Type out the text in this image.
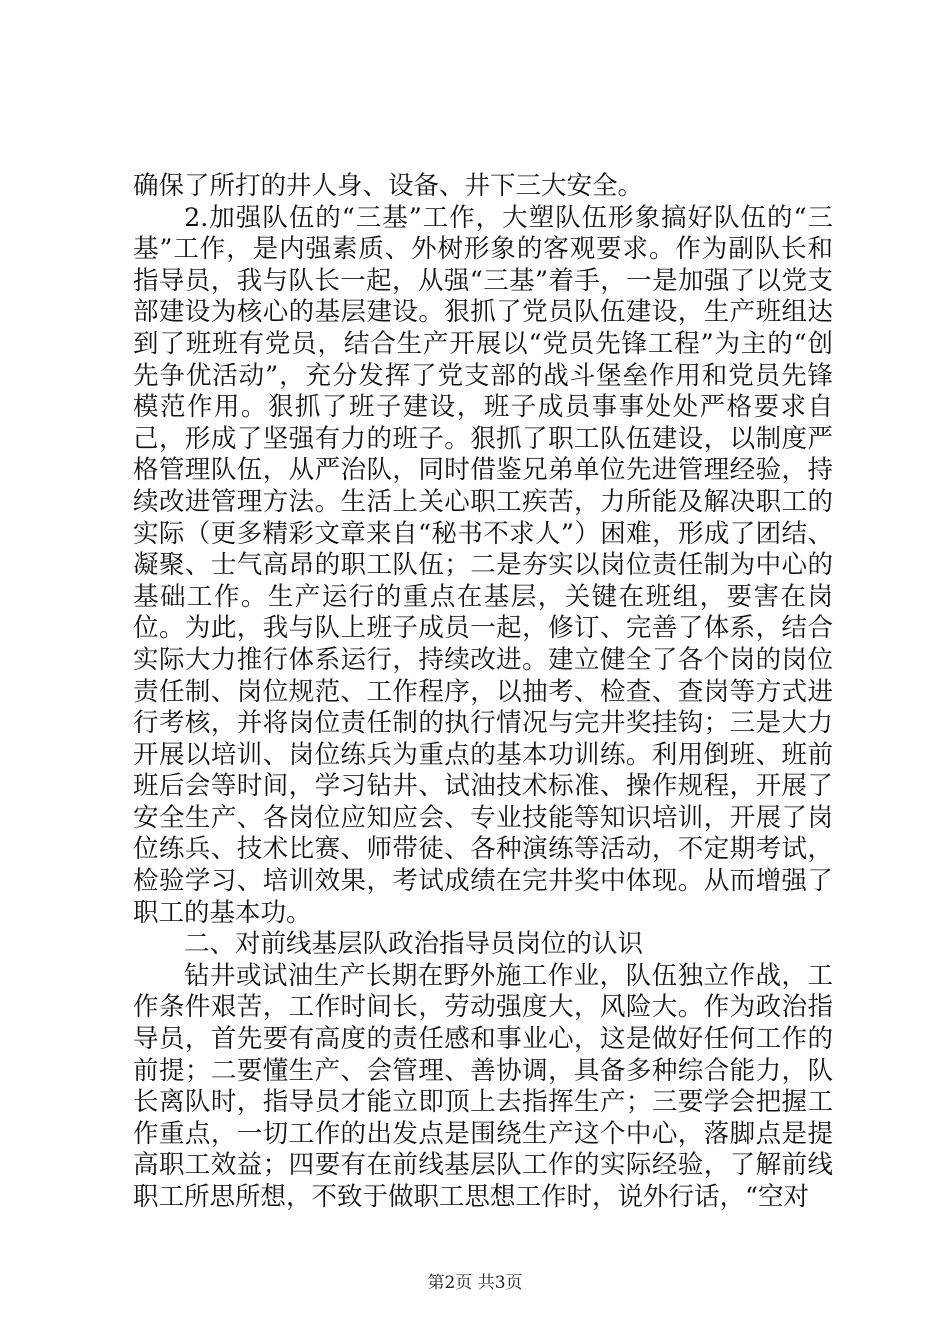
确保了所打的井人身、设备、井下三大安全。

2.加强队伍的“三基”工作，大塑队伍形象搞好队伍的“三基”工作，是内强素质、外树形象的客观要求。作为副队长和指导员，我与队长一起，从强“三基”着手，一是加强了以党支部建设为核心的基层建设。狠抓了党员队伍建设，生产班组达到了班班有党员，结合生产开展以“党员先锋工程”为主的“创先争优活动”，充分发挥了党支部的战斗堡垒作用和党员先锋模范作用。狠抓了班子建设，班子成员事事处处严格要求自己，形成了坚强有力的班子。狠抓了职工队伍建设，以制度严格管理队伍，从严治队，同时借鉴兄弟单位先进管理经验，持续改进管理方法。生活上关心职工疾苦，力所能及解决职工的实际（更多精彩文章来自“秘书不求人”）困难，形成了团结、凝聚、士气高昂的职工队伍；二是夯实以岗位责任制为中心的基础工作。生产运行的重点在基层，关键在班组，要害在岗位。为此，我与队上班子成员一起，修订、完善了体系，结合实际大力推行体系运行，持续改进。建立健全了各个岗的岗位责任制、岗位规范、工作程序，以抽考、检查、查岗等方式进行考核，并将岗位责任制的执行情况与完井奖挂钩；三是大力开展以培训、岗位练兵为重点的基本功训练。利用倒班、班前班后会等时间，学习钻井、试油技术标准、操作规程，开展了安全生产、各岗位应知应会、专业技能等知识培训，开展了岗位练兵、技术比赛、师带徒、各种演练等活动，不定期考试，检验学习、培训效果，考试成绩在完井奖中体现。从而增强了职工的基本功。

二、对前线基层队政治指导员岗位的认识

钻井或试油生产长期在野外施工作业，队伍独立作战，工作条件艰苦，工作时间长，劳动强度大，风险大。作为政治指导员，首先要有高度的责任感和事业心，这是做好任何工作的前提；二要懂生产、会管理、善协调，具备多种综合能力，队长离队时，指导员才能立即顶上去指挥生产；三要学会把握工作重点，一切工作的出发点是围绕生产这个中心，落脚点是提高职工效益；四要有在前线基层队工作的实际经验，了解前线职工所思所想，不致于做职工思想工作时，说外行话，“空对

第2页 共3页
